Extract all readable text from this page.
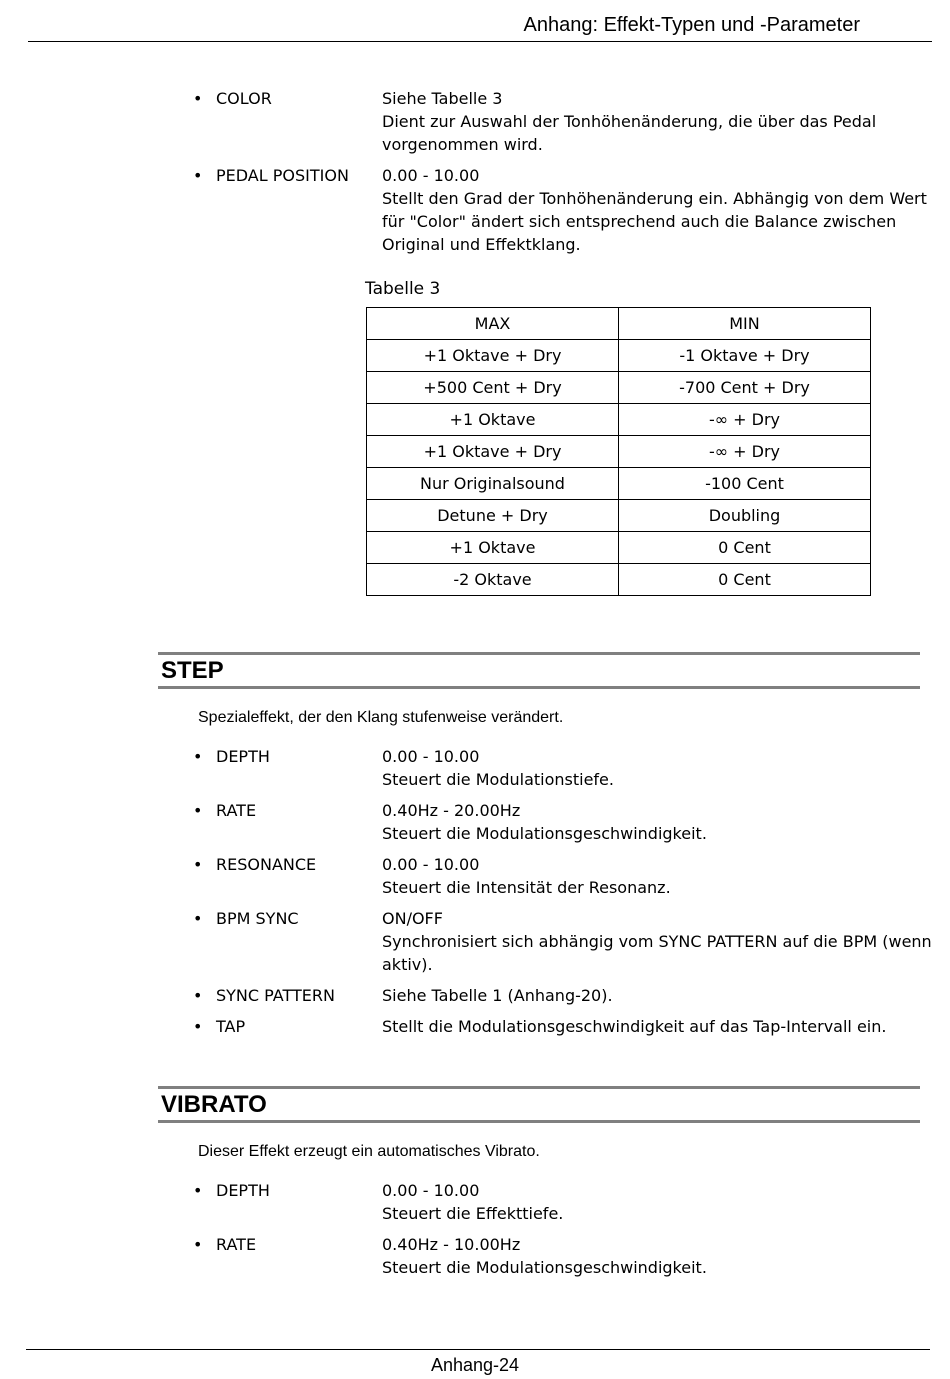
Anhang: Effekt-Typen und -Parameter
• COLOR	Siehe Tabelle 3
Dient zur Auswahl der Tonhöhenänderung, die über das Pedal vorgenommen wird.
• PEDAL POSITION	0.00 - 10.00
Stellt den Grad der Tonhöhenänderung ein. Abhängig von dem Wert für "Color" ändert sich entsprechend auch die Balance zwischen Original und Effektklang.
Tabelle 3
MAX	MIN
+1 Oktave + Dry	-1 Oktave + Dry
+500 Cent + Dry	-700 Cent + Dry
+1 Oktave	-∞ + Dry
+1 Oktave + Dry	-∞ + Dry
Nur Originalsound	-100 Cent
Detune + Dry	Doubling
+1 Oktave	0 Cent
-2 Oktave	0 Cent
STEP
Spezialeffekt, der den Klang stufenweise verändert.
• DEPTH	0.00 - 10.00
Steuert die Modulationstiefe.
• RATE	0.40Hz - 20.00Hz
Steuert die Modulationsgeschwindigkeit.
• RESONANCE	0.00 - 10.00
Steuert die Intensität der Resonanz.
• BPM SYNC	ON/OFF
Synchronisiert sich abhängig vom SYNC PATTERN auf die BPM (wenn aktiv).
• SYNC PATTERN	Siehe Tabelle 1 (Anhang-20).
• TAP	Stellt die Modulationsgeschwindigkeit auf das Tap-Intervall ein.
VIBRATO
Dieser Effekt erzeugt ein automatisches Vibrato.
• DEPTH	0.00 - 10.00
Steuert die Effekttiefe.
• RATE	0.40Hz - 10.00Hz
Steuert die Modulationsgeschwindigkeit.
Anhang-24
